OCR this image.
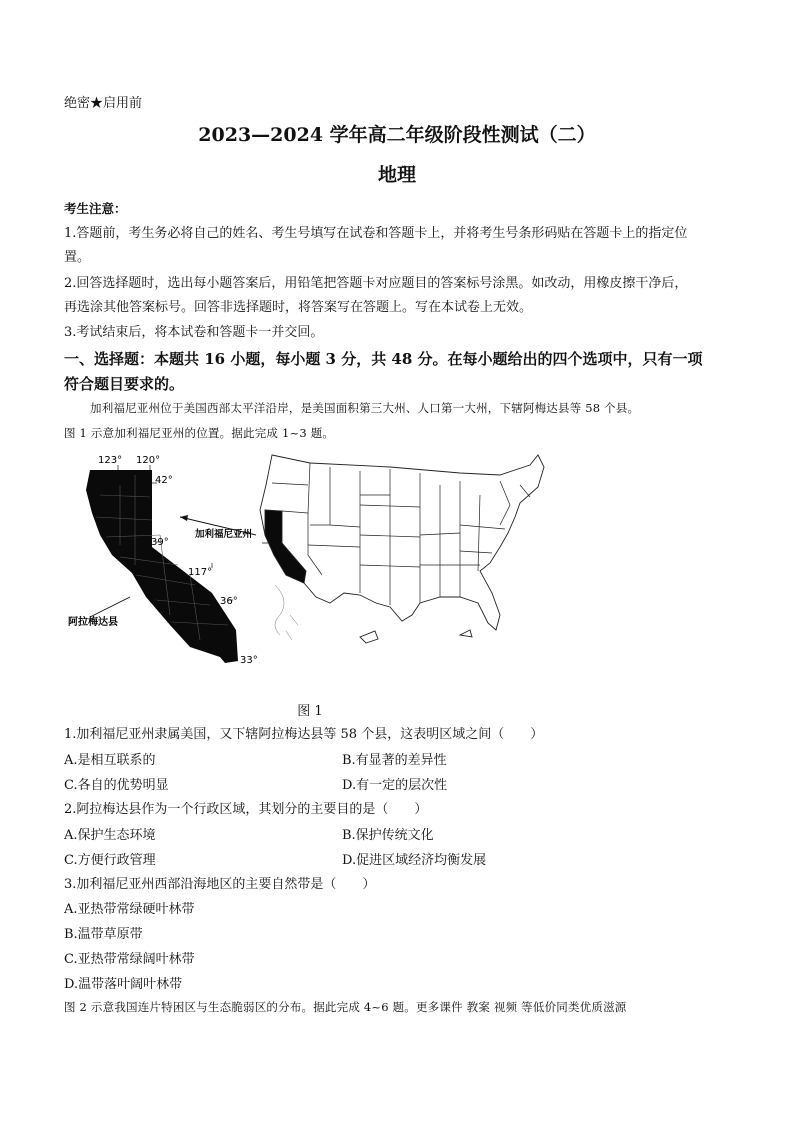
绝密★启用前
2023—2024 学年高二年级阶段性测试（二）
地理
考生注意：
1.答题前，考生务必将自己的姓名、考生号填写在试卷和答题卡上，并将考生号条形码贴在答题卡上的指定位
置。
2.回答选择题时，选出每小题答案后，用铅笔把答题卡对应题目的答案标号涂黑。如改动，用橡皮擦干净后，
再选涂其他答案标号。回答非选择题时，将答案写在答题上。写在本试卷上无效。
3.考试结束后，将本试卷和答题卡一并交回。
一、选择题：本题共 16 小题，每小题 3 分，共 48 分。在每小题给出的四个选项中，只有一项
符合题目要求的。
加利福尼亚州位于美国西部太平洋沿岸，是美国面积第三大州、人口第一大州，下辖阿梅达县等 58 个县。
图 1 示意加利福尼亚州的位置。据此完成 1~3 题。
123° 120°
42°
39°
117°
36°
33°
阿拉梅达县
加利福尼亚州
图 1
1.加利福尼亚州隶属美国，又下辖阿拉梅达县等 58 个县，这表明区域之间（　　）
A.是相互联系的	B.有显著的差异性
C.各自的优势明显	D.有一定的层次性
2.阿拉梅达县作为一个行政区域，其划分的主要目的是（　　）
A.保护生态环境	B.保护传统文化
C.方便行政管理	D.促进区域经济均衡发展
3.加利福尼亚州西部沿海地区的主要自然带是（　　）
A.亚热带常绿硬叶林带
B.温带草原带
C.亚热带常绿阔叶林带
D.温带落叶阔叶林带
图 2 示意我国连片特困区与生态脆弱区的分布。据此完成 4~6 题。更多课件 教案 视频 等低价同类优质滋源
